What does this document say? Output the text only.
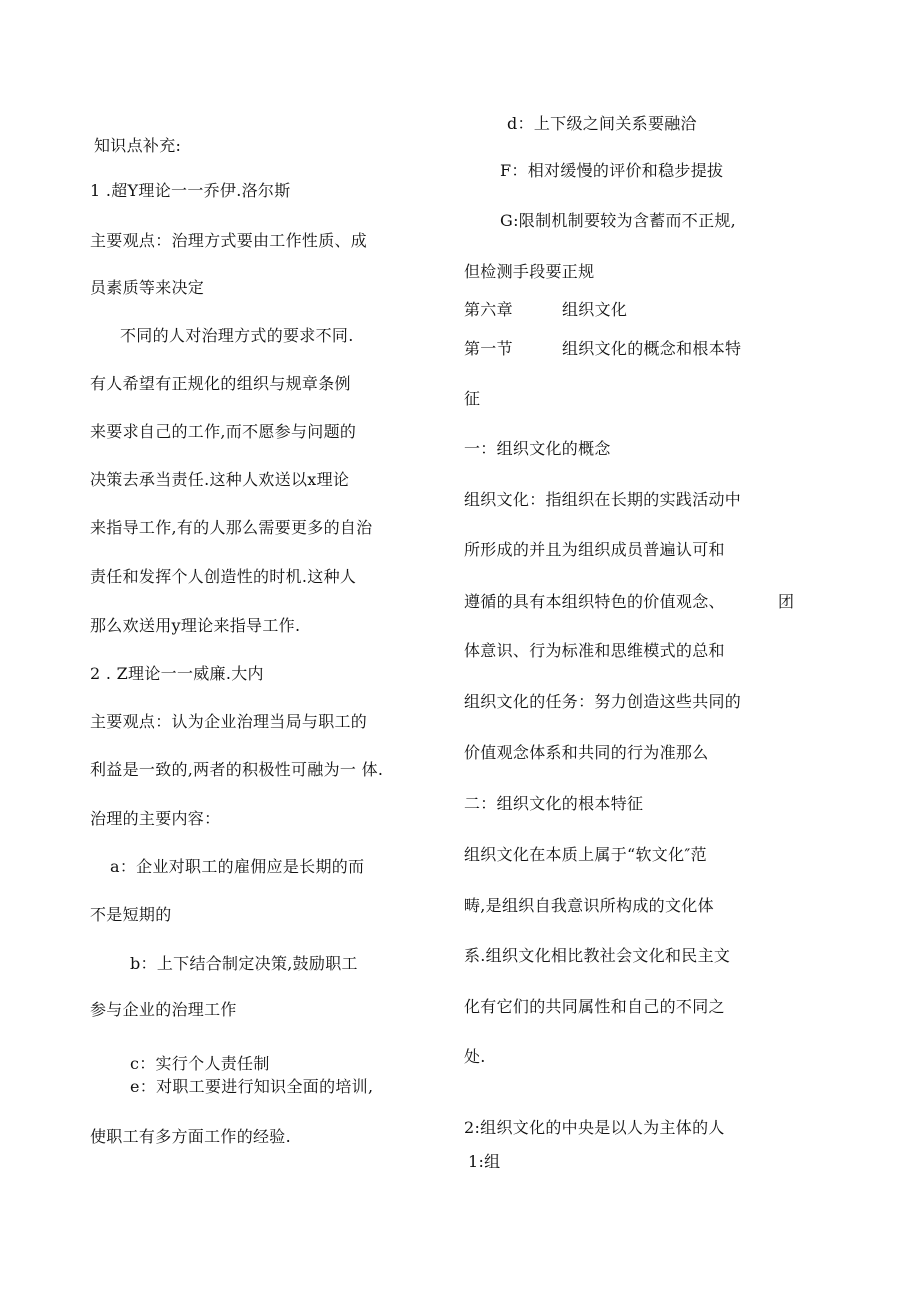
知识点补充:
1 .超Y理论一一乔伊.洛尔斯
主要观点：治理方式要由工作性质、成
员素质等来决定
不同的人对治理方式的要求不同.
有人希望有正规化的组织与规章条例
来要求自己的工作,而不愿参与问题的
决策去承当责任.这种人欢送以x理论
来指导工作,有的人那么需要更多的自治
责任和发挥个人创造性的时机.这种人
那么欢送用y理论来指导工作.
2 . Z理论一一威廉.大内
主要观点：认为企业治理当局与职工的
利益是一致的,两者的积极性可融为一 体.
治理的主要内容：
a：企业对职工的雇佣应是长期的而
不是短期的
b：上下结合制定决策,鼓励职工
参与企业的治理工作
c：实行个人责任制
e：对职工要进行知识全面的培训,
使职工有多方面工作的经验.
d：上下级之间关系要融洽
F：相对缓慢的评价和稳步提拔
G:限制机制要较为含蓄而不正规,
但检测手段要正规
第六章	组织文化
第一节	组织文化的概念和根本特
征
一：组织文化的概念
组织文化：指组织在长期的实践活动中
所形成的并且为组织成员普遍认可和
遵循的具有本组织特色的价值观念、	团
体意识、行为标准和思维模式的总和
组织文化的任务：努力创造这些共同的
价值观念体系和共同的行为准那么
二：组织文化的根本特征
组织文化在本质上属于“软文化″范
畴,是组织自我意识所构成的文化体
系.组织文化相比教社会文化和民主文
化有它们的共同属性和自己的不同之
处.
2:组织文化的中央是以人为主体的人
1:组
